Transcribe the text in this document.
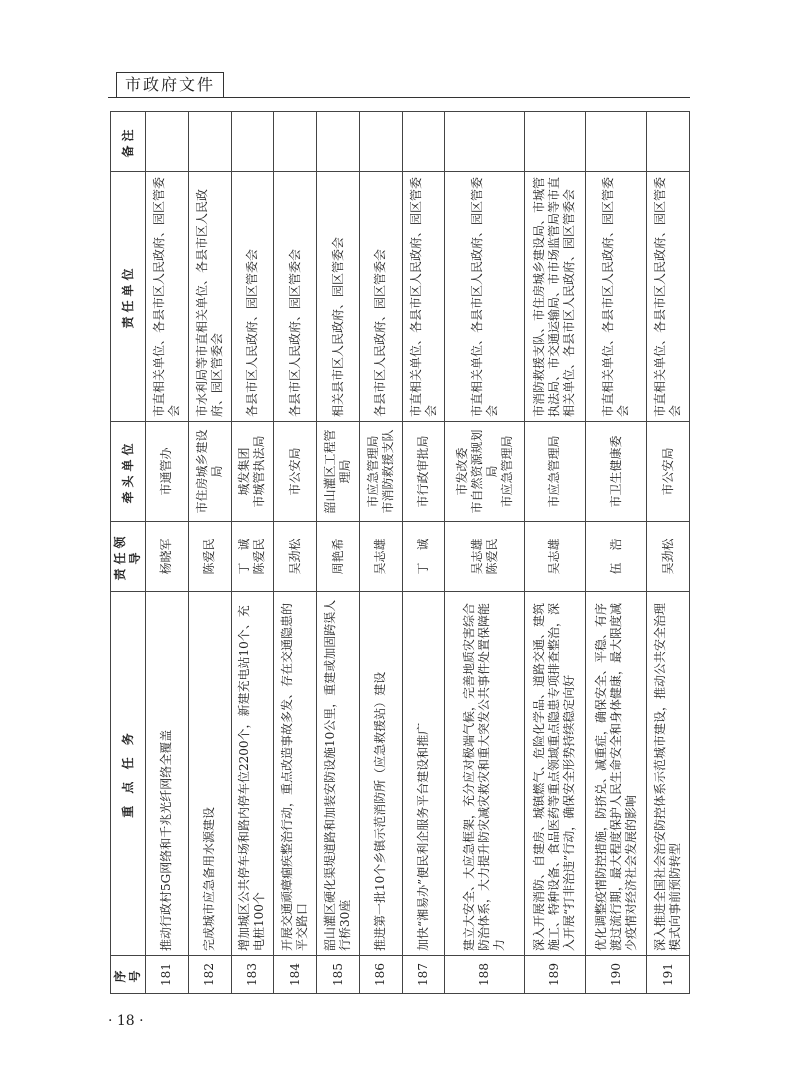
市政府文件
序号	重 点 任 务	责任领导	牵头单位	责任单位	备注
181	推动行政村5G网络和千兆光纤网络全覆盖	杨晓军	市通管办	市直相关单位、各县市区人民政府、园区管委会	
182	完成城市应急备用水源建设	陈爱民	市住房城乡建设局	市水利局等市直相关单位、各县市区人民政府、园区管委会	
183	增加城区公共停车场和路内停车位2200个，新建充电站10个、充电桩100个	丁　诚 陈爱民	城发集团 市城管执法局	各县市区人民政府、园区管委会	
184	开展交通顽瘴痼疾整治行动，重点改造事故多发、存在交通隐患的平交路口	吴劲松	市公安局	各县市区人民政府、园区管委会	
185	韶山灌区硬化渠堤道路和加装安防设施10公里，重建或加固跨渠人行桥30座	周艳希	韶山灌区工程管理局	相关县市区人民政府、园区管委会	
186	推进第一批10个乡镇示范消防所（应急救援站）建设	吴志雄	市应急管理局 市消防救援支队	各县市区人民政府、园区管委会	
187	加快“湘易办”便民利企服务平台建设和推广	丁　诚	市行政审批局	市直相关单位、各县市区人民政府、园区管委会	
188	建立大安全、大应急框架，充分应对极端气候，完善地质灾害综合防治体系，大力提升防灾减灾救灾和重大突发公共事件处置保障能力	吴志雄 陈爱民	市发改委 市自然资源规划局 市应急管理局	市直相关单位、各县市区人民政府、园区管委会	
189	深入开展消防、自建房、城镇燃气、危险化学品、道路交通、建筑施工、特种设备、食品医药等重点领域重点隐患专项排查整治，深入开展“打非治违”行动，确保安全形势持续稳定向好	吴志雄	市应急管理局	市消防救援支队、市住房城乡建设局、市城管执法局、市交通运输局、市市场监管局等市直相关单位、各县市区人民政府、园区管委会	
190	优化调整疫情防控措施，防挤兑、减重症，确保安全、平稳、有序渡过流行期，最大程度保护人民生命安全和身体健康，最大限度减少疫情对经济社会发展的影响	伍　浩	市卫生健康委	市直相关单位、各县市区人民政府、园区管委会	
191	深入推进全国社会治安防控体系示范城市建设，推动公共安全治理模式向事前预防转型	吴劲松	市公安局	市直相关单位、各县市区人民政府、园区管委会	
· 18 ·
